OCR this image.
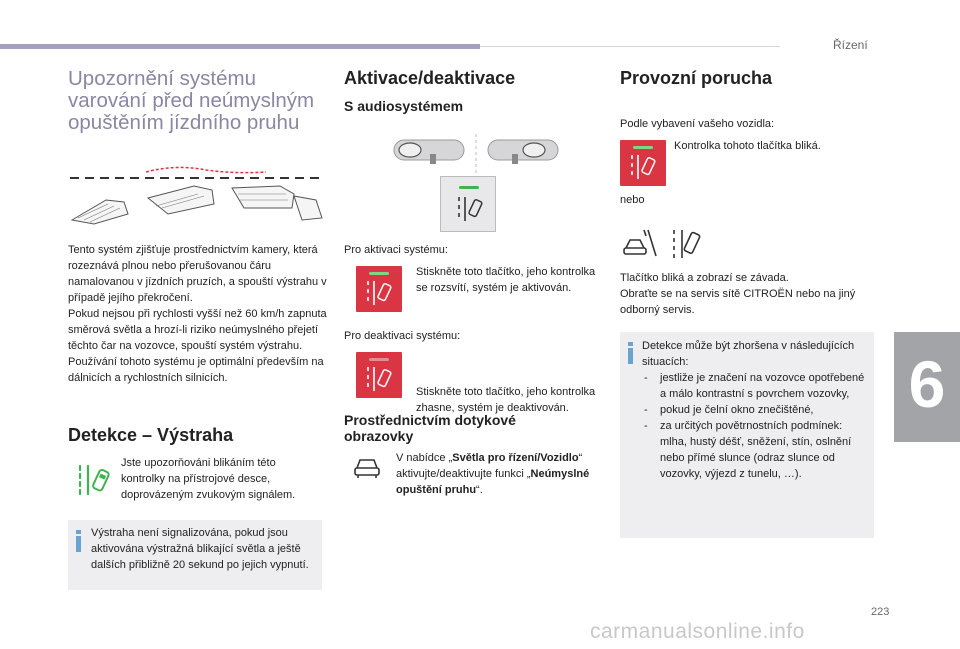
Řízení
6
223
carmanualsonline.info
Upozornění systému varování před neúmyslným opuštěním jízdního pruhu

Tento systém zjišťuje prostřednictvím kamery, která rozeznává plnou nebo přerušovanou čáru namalovanou v jízdních pruzích, a spouští výstrahu v případě jejího překročení.

Pokud nejsou při rychlosti vyšší než 60 km/h zapnuta směrová světla a hrozí-li riziko neúmyslného přejetí těchto čar na vozovce, spouští systém výstrahu.

Používání tohoto systému je optimální především na dálnicích a rychlostních silnicích.

Detekce – Výstraha
Jste upozorňováni blikáním této kontrolky na přístrojové desce, doprovázeným zvukovým signálem.
Výstraha není signalizována, pokud jsou aktivována výstražná blikající světla a ještě dalších přibližně 20 sekund po jejich vypnutí.
Aktivace/deaktivace
S audiosystémem
Pro aktivaci systému:
Stiskněte toto tlačítko, jeho kontrolka se rozsvítí, systém je aktivován.
Pro deaktivaci systému:
Stiskněte toto tlačítko, jeho kontrolka zhasne, systém je deaktivován.
Prostřednictvím dotykové obrazovky
V nabídce „Světla pro řízení/Vozidlo“ aktivujte/deaktivujte funkci „Neúmyslné opuštění pruhu“.
Provozní porucha
Podle vybavení vašeho vozidla:
Kontrolka tohoto tlačítka bliká.
nebo

Tlačítko bliká a zobrazí se závada.

Obraťte se na servis sítě CITROËN nebo na jiný odborný servis.

Detekce může být zhoršena v následujících situacích:

- jestliže je značení na vozovce opotřebené a málo kontrastní s povrchem vozovky,
- pokud je čelní okno znečištěné,
- za určitých povětrnostních podmínek: mlha, hustý déšť, sněžení, stín, oslnění nebo přímé slunce (odraz slunce od vozovky, výjezd z tunelu, …).
